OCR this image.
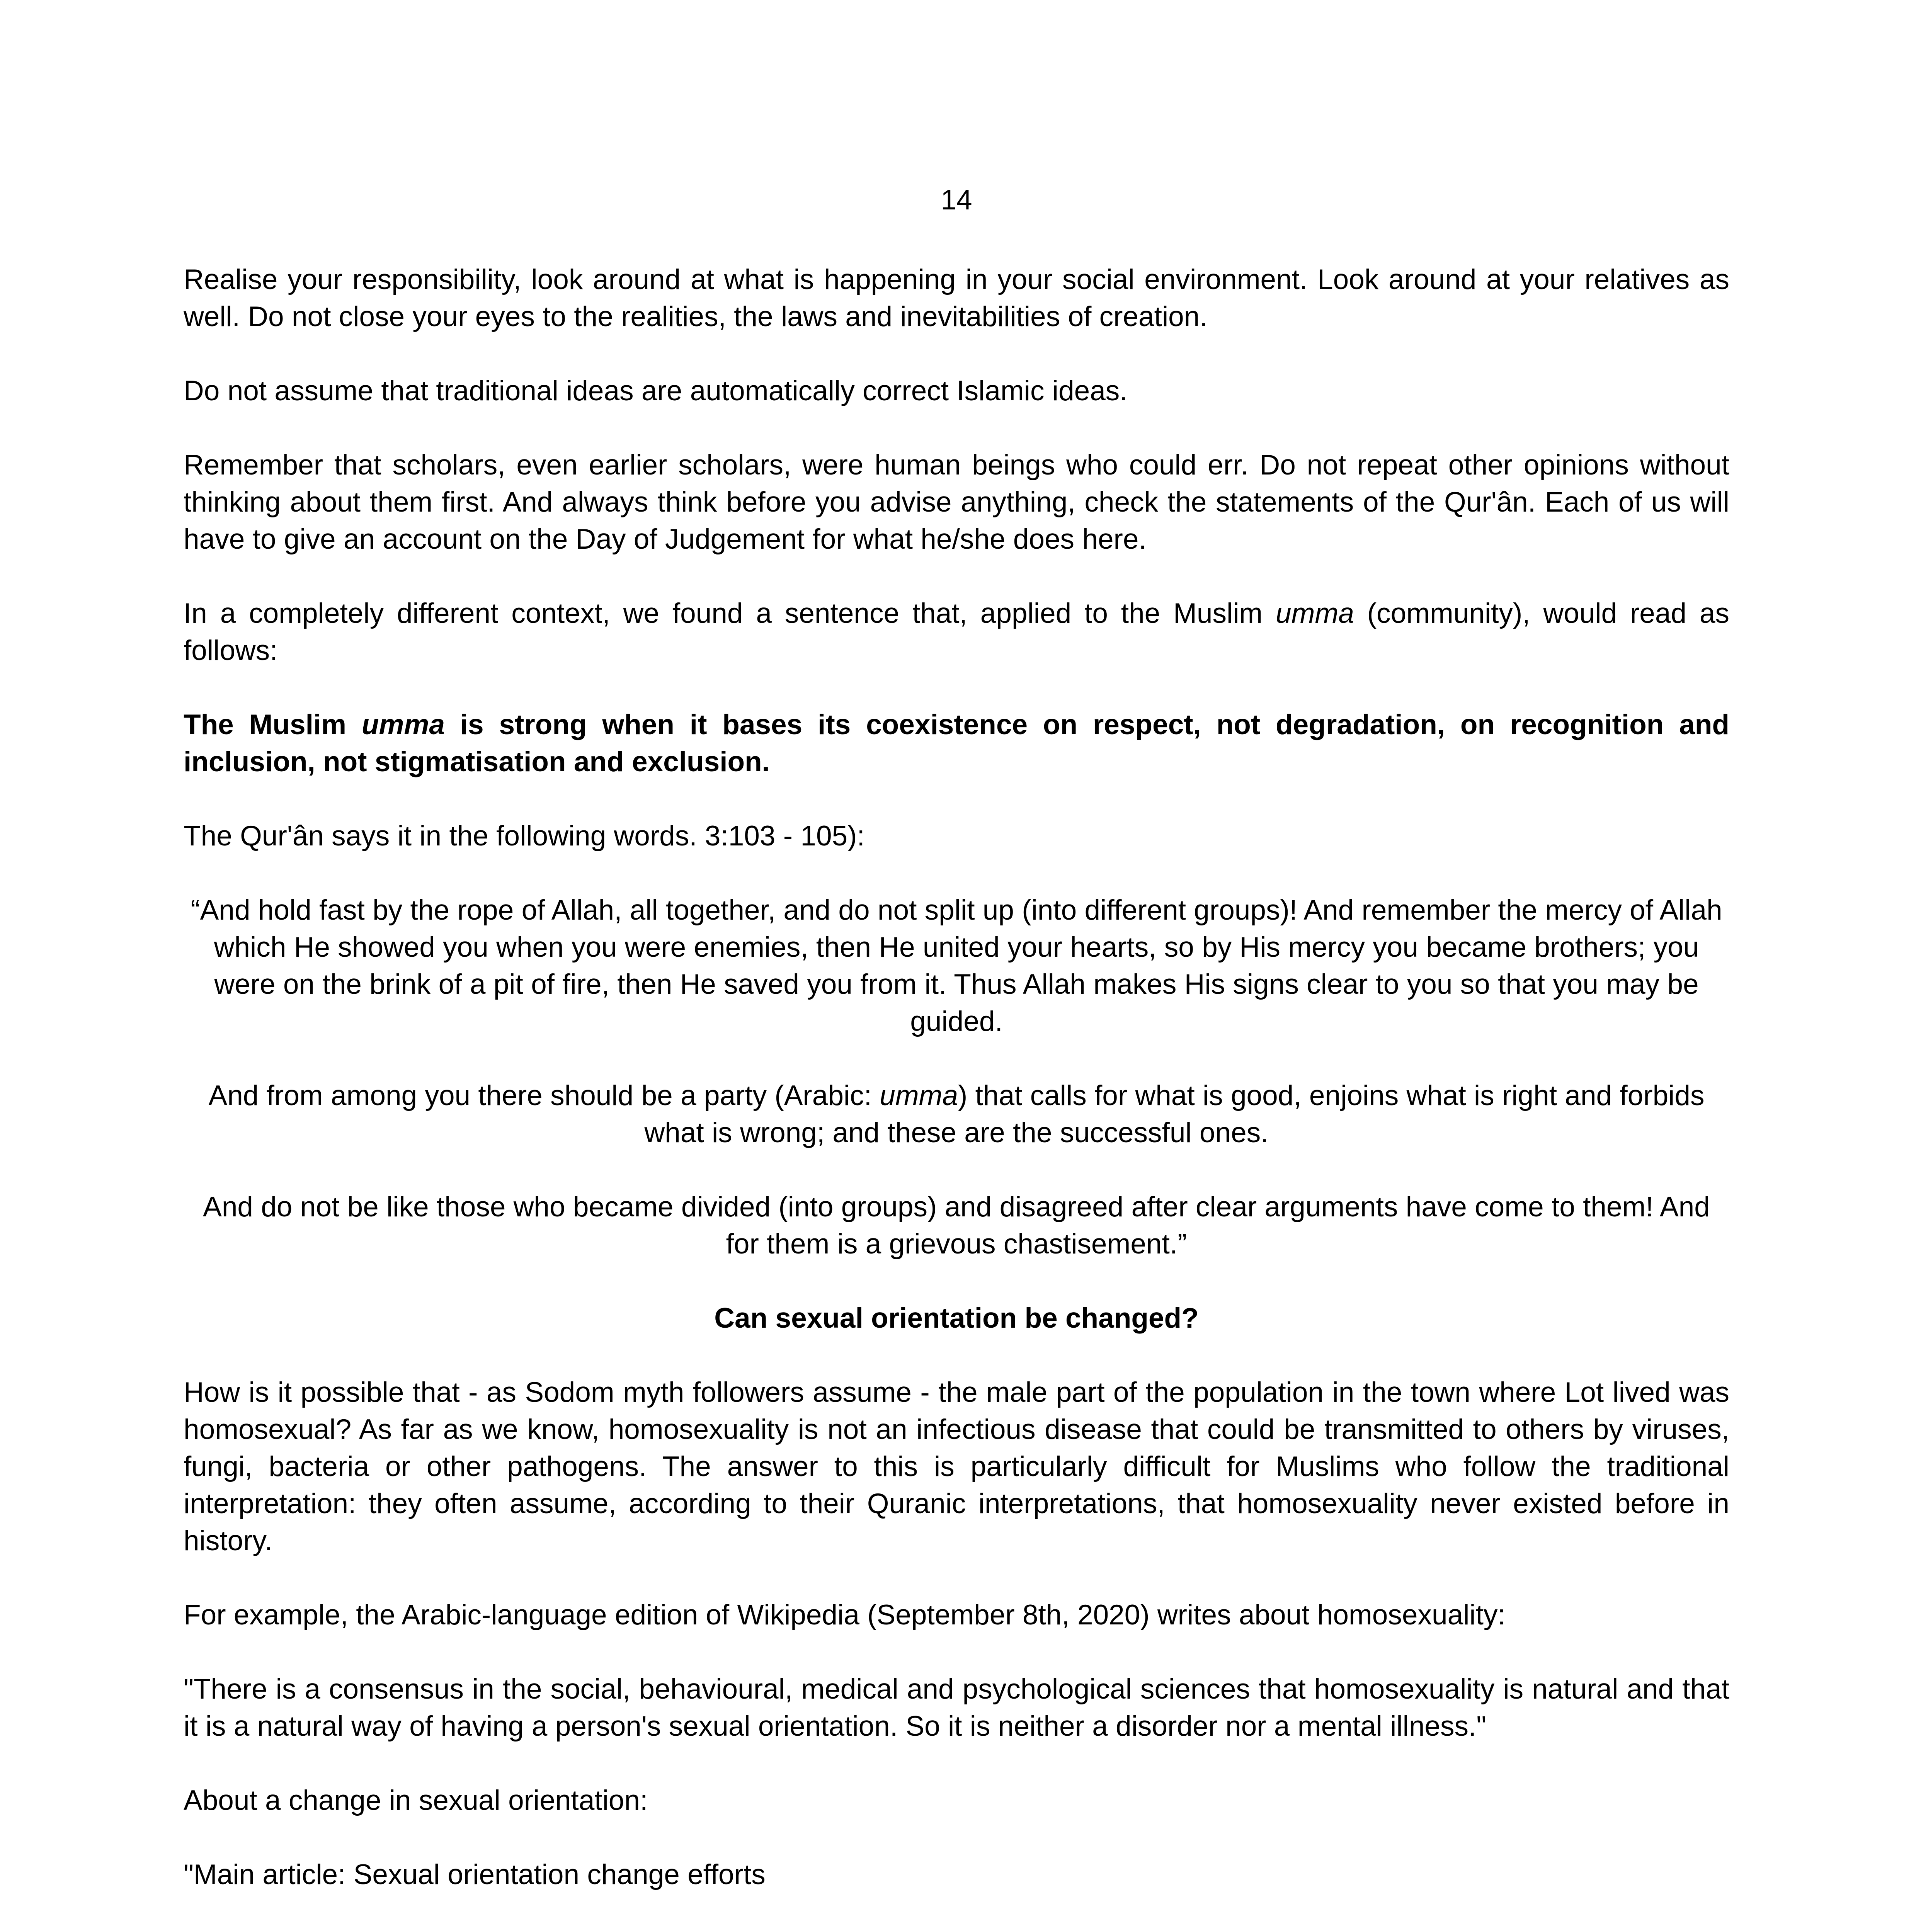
14

Realise your responsibility, look around at what is happening in your social environment. Look around at your relatives as well. Do not close your eyes to the realities, the laws and inevitabilities of creation.

Do not assume that traditional ideas are automatically correct Islamic ideas.

Remember that scholars, even earlier scholars, were human beings who could err. Do not repeat other opinions without thinking about them first. And always think before you advise anything, check the statements of the Qur'ân. Each of us will have to give an account on the Day of Judgement for what he/she does here.

In a completely different context, we found a sentence that, applied to the Muslim umma (community), would read as follows:

The Muslim umma is strong when it bases its coexistence on respect, not degradation, on recognition and inclusion, not stigmatisation and exclusion.

The Qur'ân says it in the following words. 3:103 - 105):

“And hold fast by the rope of Allah, all together, and do not split up (into different groups)! And remember the mercy of Allah which He showed you when you were enemies, then He united your hearts, so by His mercy you became brothers; you were on the brink of a pit of fire, then He saved you from it. Thus Allah makes His signs clear to you so that you may be guided.
And from among you there should be a party (Arabic: umma) that calls for what is good, enjoins what is right and forbids what is wrong; and these are the successful ones.
And do not be like those who became divided (into groups) and disagreed after clear arguments have come to them! And for them is a grievous chastisement.”
Can sexual orientation be changed?

How is it possible that - as Sodom myth followers assume - the male part of the population in the town where Lot lived was homosexual? As far as we know, homosexuality is not an infectious disease that could be transmitted to others by viruses, fungi, bacteria or other pathogens. The answer to this is particularly difficult for Muslims who follow the traditional interpretation: they often assume, according to their Quranic interpretations, that homosexuality never existed before in history.

For example, the Arabic-language edition of Wikipedia (September 8th, 2020) writes about homosexuality:

"There is a consensus in the social, behavioural, medical and psychological sciences that homosexuality is natural and that it is a natural way of having a person's sexual orientation. So it is neither a disorder nor a mental illness."

About a change in sexual orientation:

"Main article: Sexual orientation change efforts
